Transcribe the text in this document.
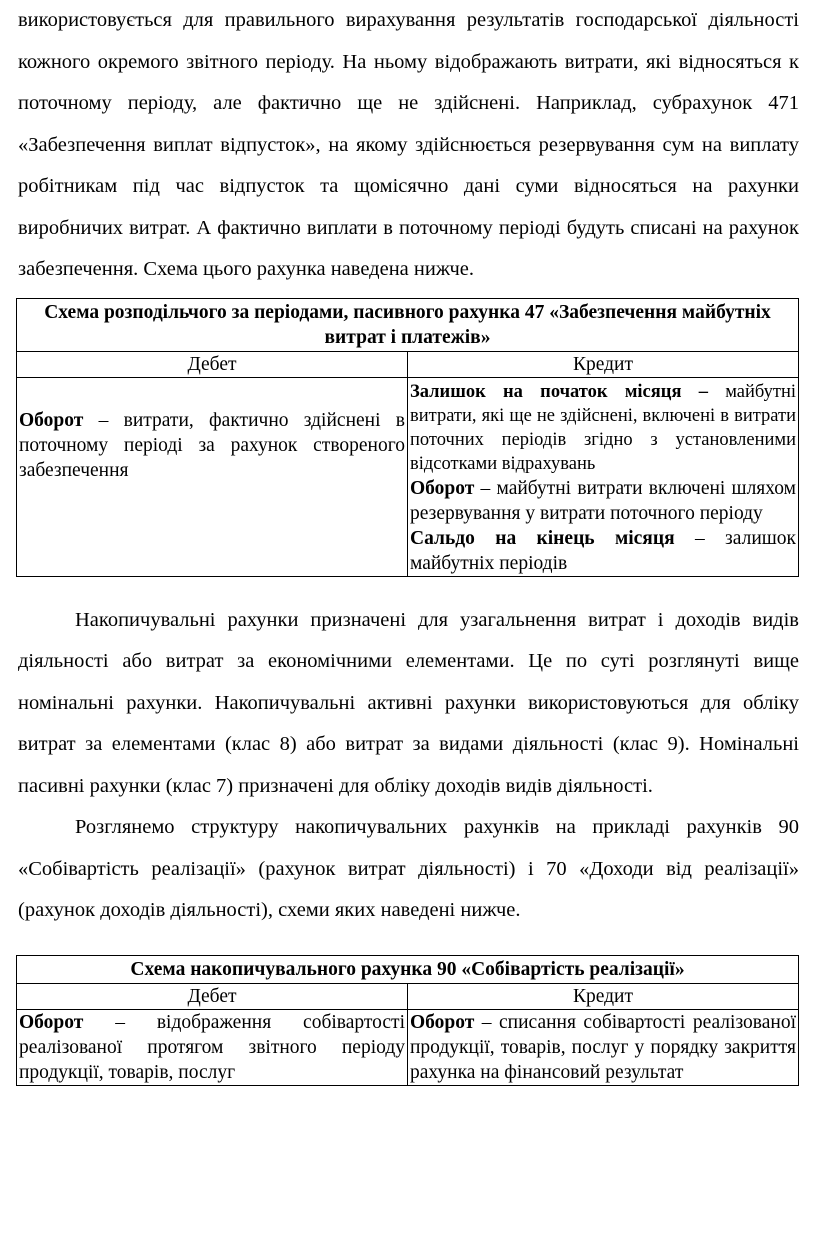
використовується для правильного вирахування результатів господарської діяльності кожного окремого звітного періоду. На ньому відображають витрати, які відносяться к поточному періоду, але фактично ще не здійснені. Наприклад, субрахунок 471 «Забезпечення виплат відпусток», на якому здійснюється резервування сум на виплату робітникам під час відпусток та щомісячно дані суми відносяться на рахунки виробничих витрат. А фактично виплати в поточному періоді будуть списані на рахунок забезпечення. Схема цього рахунка наведена нижче.

Схема розподільчого за періодами, пасивного рахунка 47 «Забезпечення майбутніх витрат і платежів»	
Дебет	Кредит
Оборот – витрати, фактично здійснені в поточному періоді за рахунок створеного забезпечення	Залишок на початок місяця – майбутні витрати, які ще не здійснені, включені в витрати поточних періодів згідно з установленими відсотками відрахувань
Оборот – майбутні витрати включені шляхом резервування у витрати поточного періоду
Сальдо на кінець місяця – залишок майбутніх періодів

Накопичувальні рахунки призначені для узагальнення витрат і доходів видів діяльності або витрат за економічними елементами. Це по суті розглянуті вище номінальні рахунки. Накопичувальні активні рахунки використовуються для обліку витрат за елементами (клас 8) або витрат за видами діяльності (клас 9). Номінальні пасивні рахунки (клас 7) призначені для обліку доходів видів діяльності.

Розглянемо структуру накопичувальних рахунків на прикладі рахунків 90 «Собівартість реалізації» (рахунок витрат діяльності) і 70 «Доходи від реалізації» (рахунок доходів діяльності), схеми яких наведені нижче.

Схема накопичувального рахунка 90 «Собівартість реалізації»	
Дебет	Кредит
Оборот – відображення собівартості реалізованої протягом звітного періоду продукції, товарів, послуг	Оборот – списання собівартості реалізованої продукції, товарів, послуг у порядку закриття рахунка на фінансовий результат
